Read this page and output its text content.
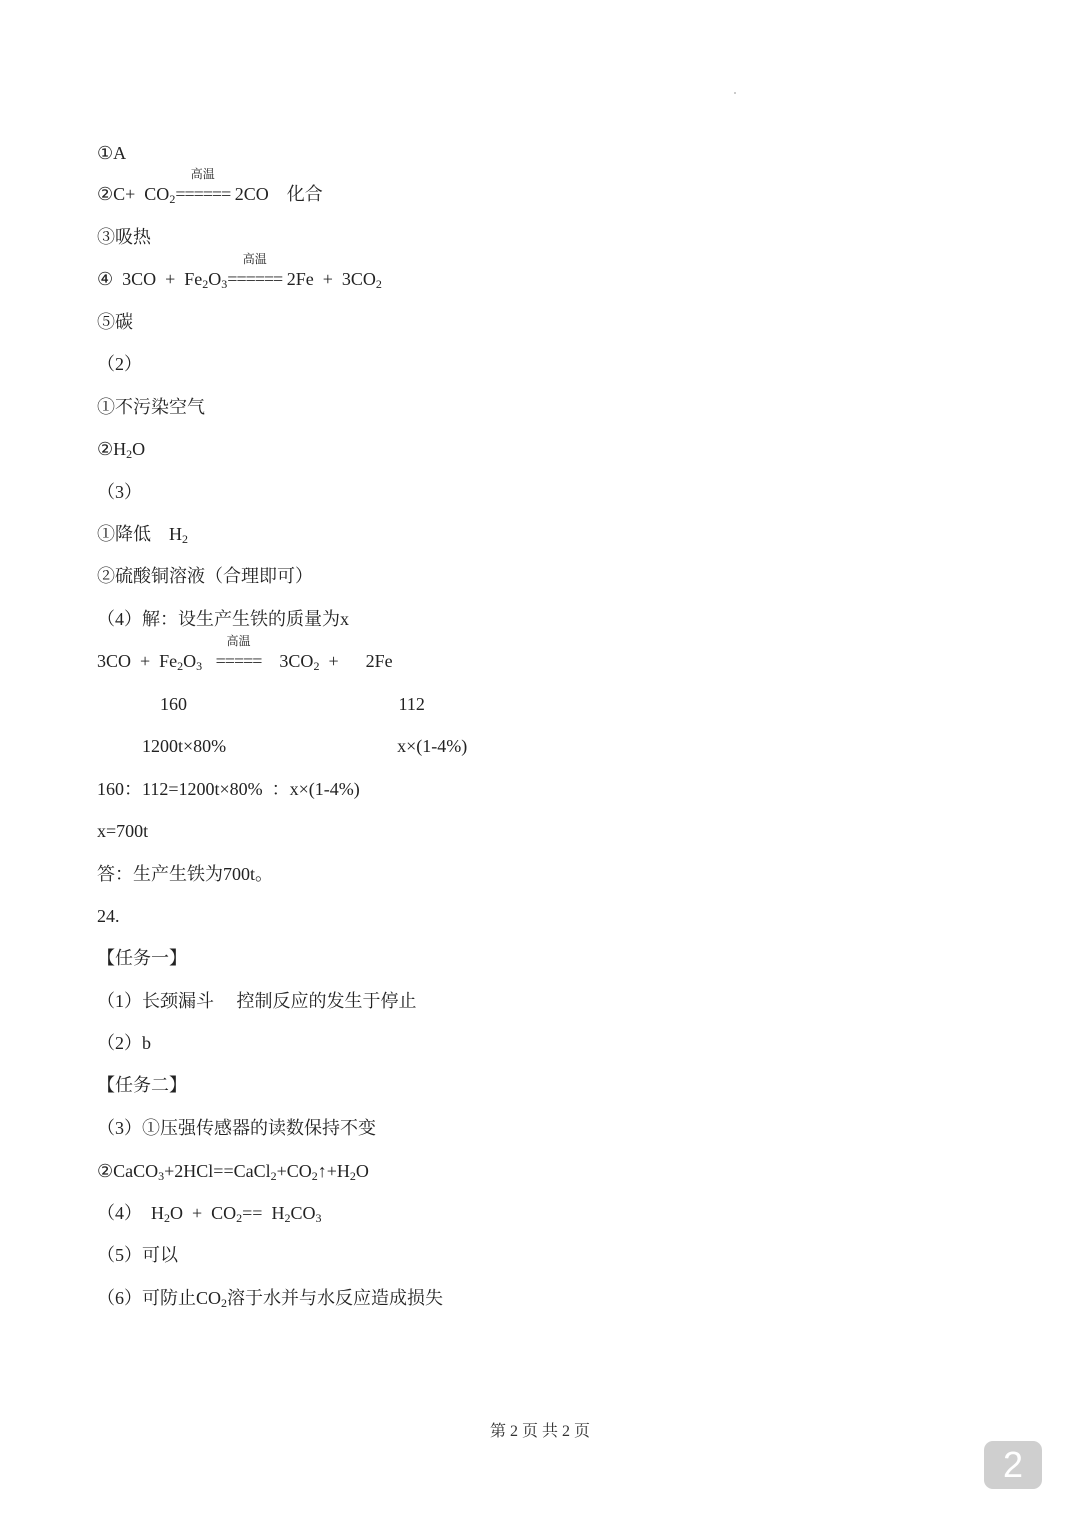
①A
②C+  $CO_2$
高温
====== 2CO    化合
③吸热
④  $3CO + Fe_2O_3$
高温
====== $2Fe + 3CO_2$
⑤碳
（2）
①不污染空气
$②H_2O$
（3）
①降低    $H_2$
②硫酸铜溶液（合理即可）
（4）解：设生产生铁的质量为x
$3CO + Fe_2O_3$
高温
=====    $3CO_2$  +      2Fe
160                                               112
1200t×80%                                      x×(1-4%)
160：112=1200t×80%  ：x×(1-4%)
x=700t
答：生产生铁为700t。
24.
【任务一】
（1）长颈漏斗     控制反应的发生于停止
（2）b
【任务二】
（3）①压强传感器的读数保持不变
$②CaCO_3+2HCl==CaCl_2+CO_2↑+H_2O$
（4）  $H_2O + CO_2== H_2CO_3$
（5）可以
（6）可防止$CO_2$溶于水并与水反应造成损失
第 2 页 共 2 页
2
